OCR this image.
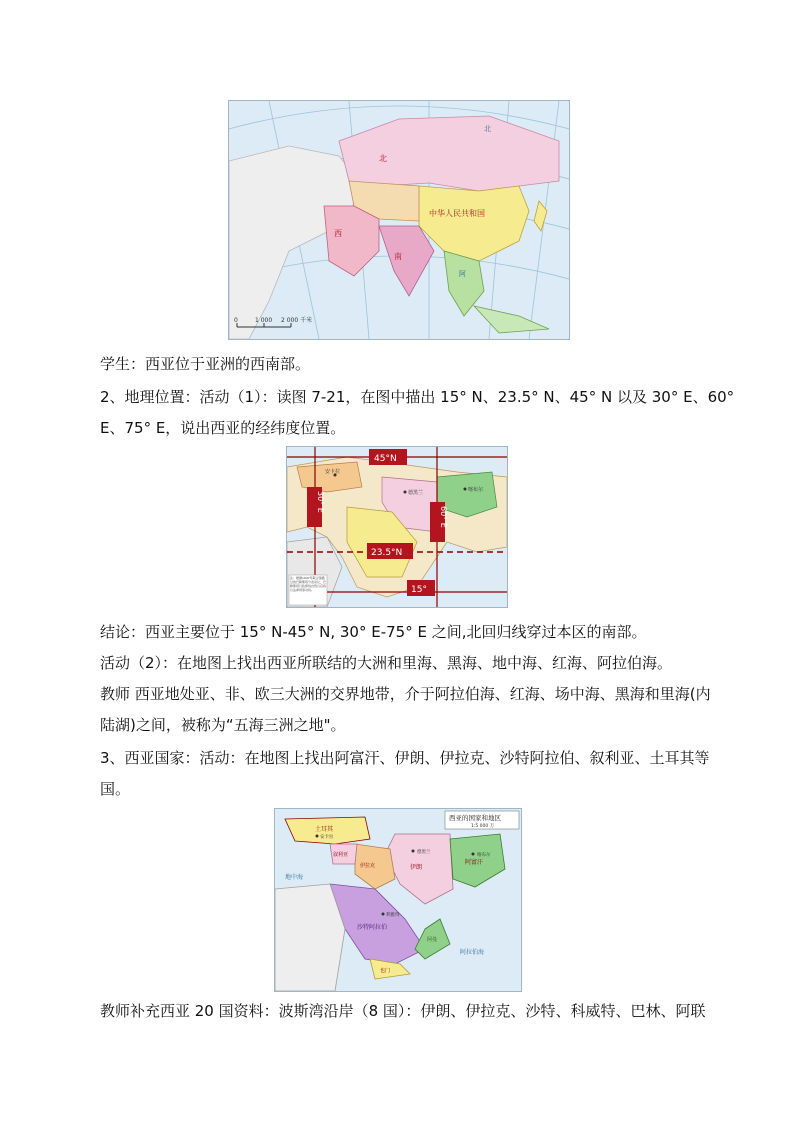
北
中华人民共和国
南
西
阿
北
0	1 000 2 000 千米
学生：西亚位于亚洲的西南部。
2、地理位置：活动（1）：读图 7-21，在图中描出 15° N、23.5° N、45° N 以及 30° E、60°
E、75° E，说出西亚的经纬度位置。
45°N
23.5°N
15°
30° E
60° E
安卡拉
德黑兰	喀布尔
注：根据1947年联合国通过的巴勒斯坦分治决议，巴勒斯坦行政界线自然以后将以法律同等对待。
结论：西亚主要位于 15° N-45° N, 30° E-75° E 之间,北回归线穿过本区的南部。
活动（2）：在地图上找出西亚所联结的大洲和里海、黑海、地中海、红海、阿拉伯海。
教师 西亚地处亚、非、欧三大洲的交界地带，介于阿拉伯海、红海、场中海、黑海和里海(内
陆湖)之间，被称为“五海三洲之地"。
3、西亚国家：活动：在地图上找出阿富汗、伊朗、伊拉克、沙特阿拉伯、叙利亚、土耳其等
国。
西亚的国家和地区
1:5 000 万
土耳其
伊朗
伊拉克	阿富汗
沙特阿拉伯
叙利亚
也门
阿曼
喀布尔
德黑兰
安卡拉
利雅得
地中海
阿拉伯海
教师补充西亚 20 国资料：波斯湾沿岸（8 国）：伊朗、伊拉克、沙特、科威特、巴林、阿联
